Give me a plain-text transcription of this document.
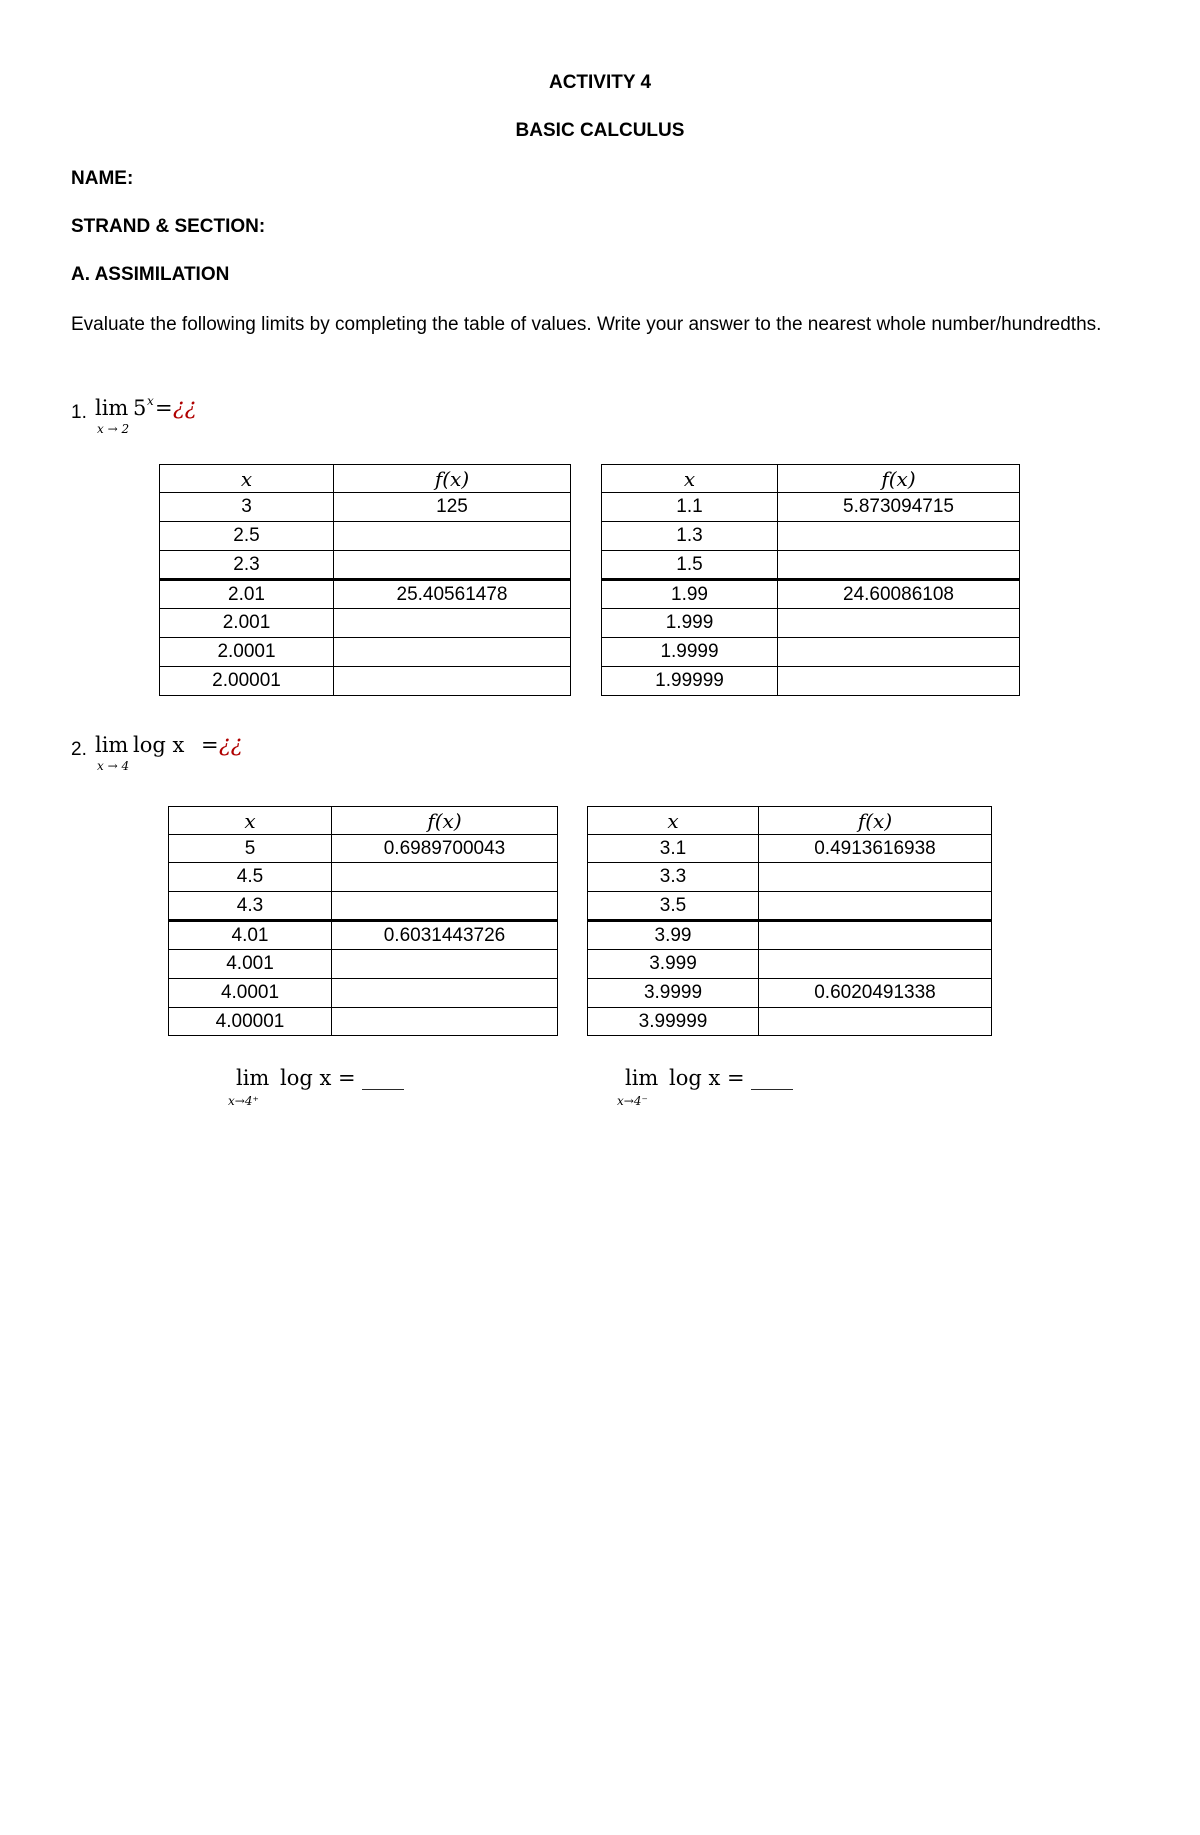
ACTIVITY 4
BASIC CALCULUS
NAME:
STRAND & SECTION:
A. ASSIMILATION
Evaluate the following limits by completing the table of values. Write your answer to the nearest whole number/hundredths.
1. lim
x → 2
5 x = ¿¿
x	f(x)
3	125
2.5	
2.3	
2.01	25.40561478
2.001	
2.0001	
2.00001	
x	f(x)
1.1	5.873094715
1.3	
1.5	
1.99	24.60086108
1.999	
1.9999	
1.99999	
2. lim
x → 4
log x = ¿¿
x	f(x)
5	0.6989700043
4.5	
4.3	
4.01	0.6031443726
4.001	
4.0001	
4.00001	
x	f(x)
3.1	0.4913616938
3.3	
3.5	
3.99	
3.999	
3.9999	0.6020491338
3.99999	
lim
x→4⁺
log x = ____	lim
x→4⁻
log x = ____
